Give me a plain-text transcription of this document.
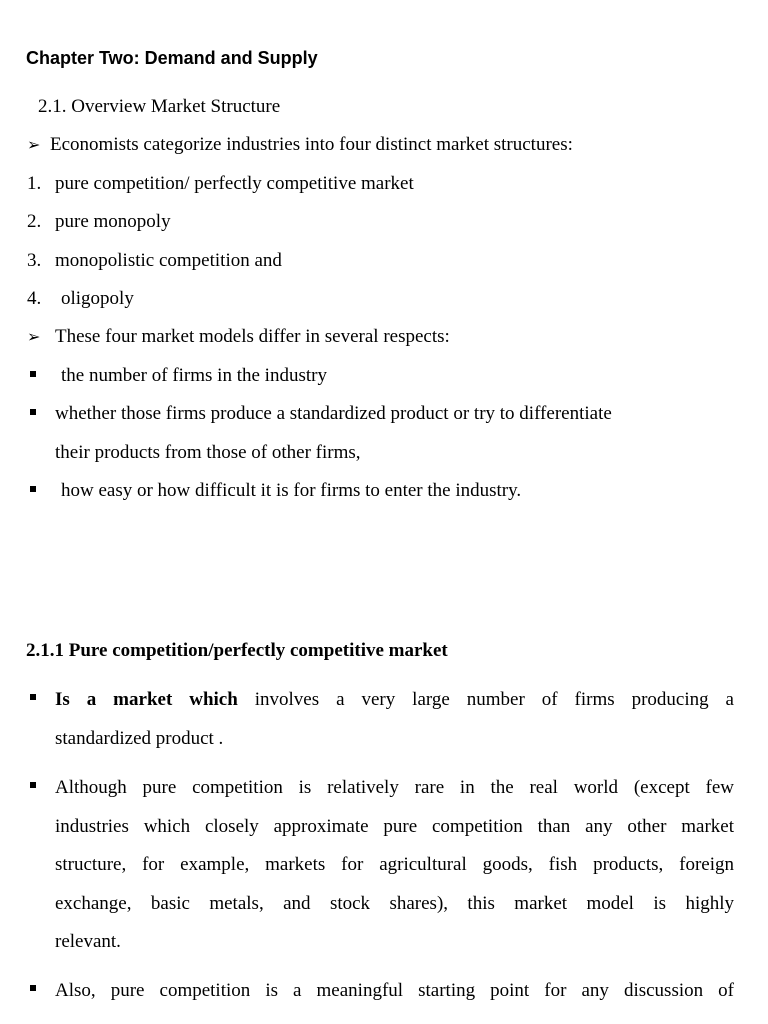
Chapter Two: Demand and Supply
2.1. Overview Market Structure
➢ Economists categorize industries into four distinct market structures:
1. pure competition/ perfectly competitive market
2. pure monopoly
3. monopolistic competition and
4. oligopoly
➢ These four market models differ in several respects:
the number of firms in the industry
whether those firms produce a standardized product or try to differentiate
their products from those of other firms,
how easy or how difficult it is for firms to enter the industry.
2.1.1 Pure competition/perfectly competitive market
Is a market which involves a very large number of firms producing a
standardized product .
Although pure competition is relatively rare in the real world (except few
industries which closely approximate pure competition than any other market
structure, for example, markets for agricultural goods, fish products, foreign
exchange, basic metals, and stock shares), this market model is highly
relevant.
Also, pure competition is a meaningful starting point for any discussion of
